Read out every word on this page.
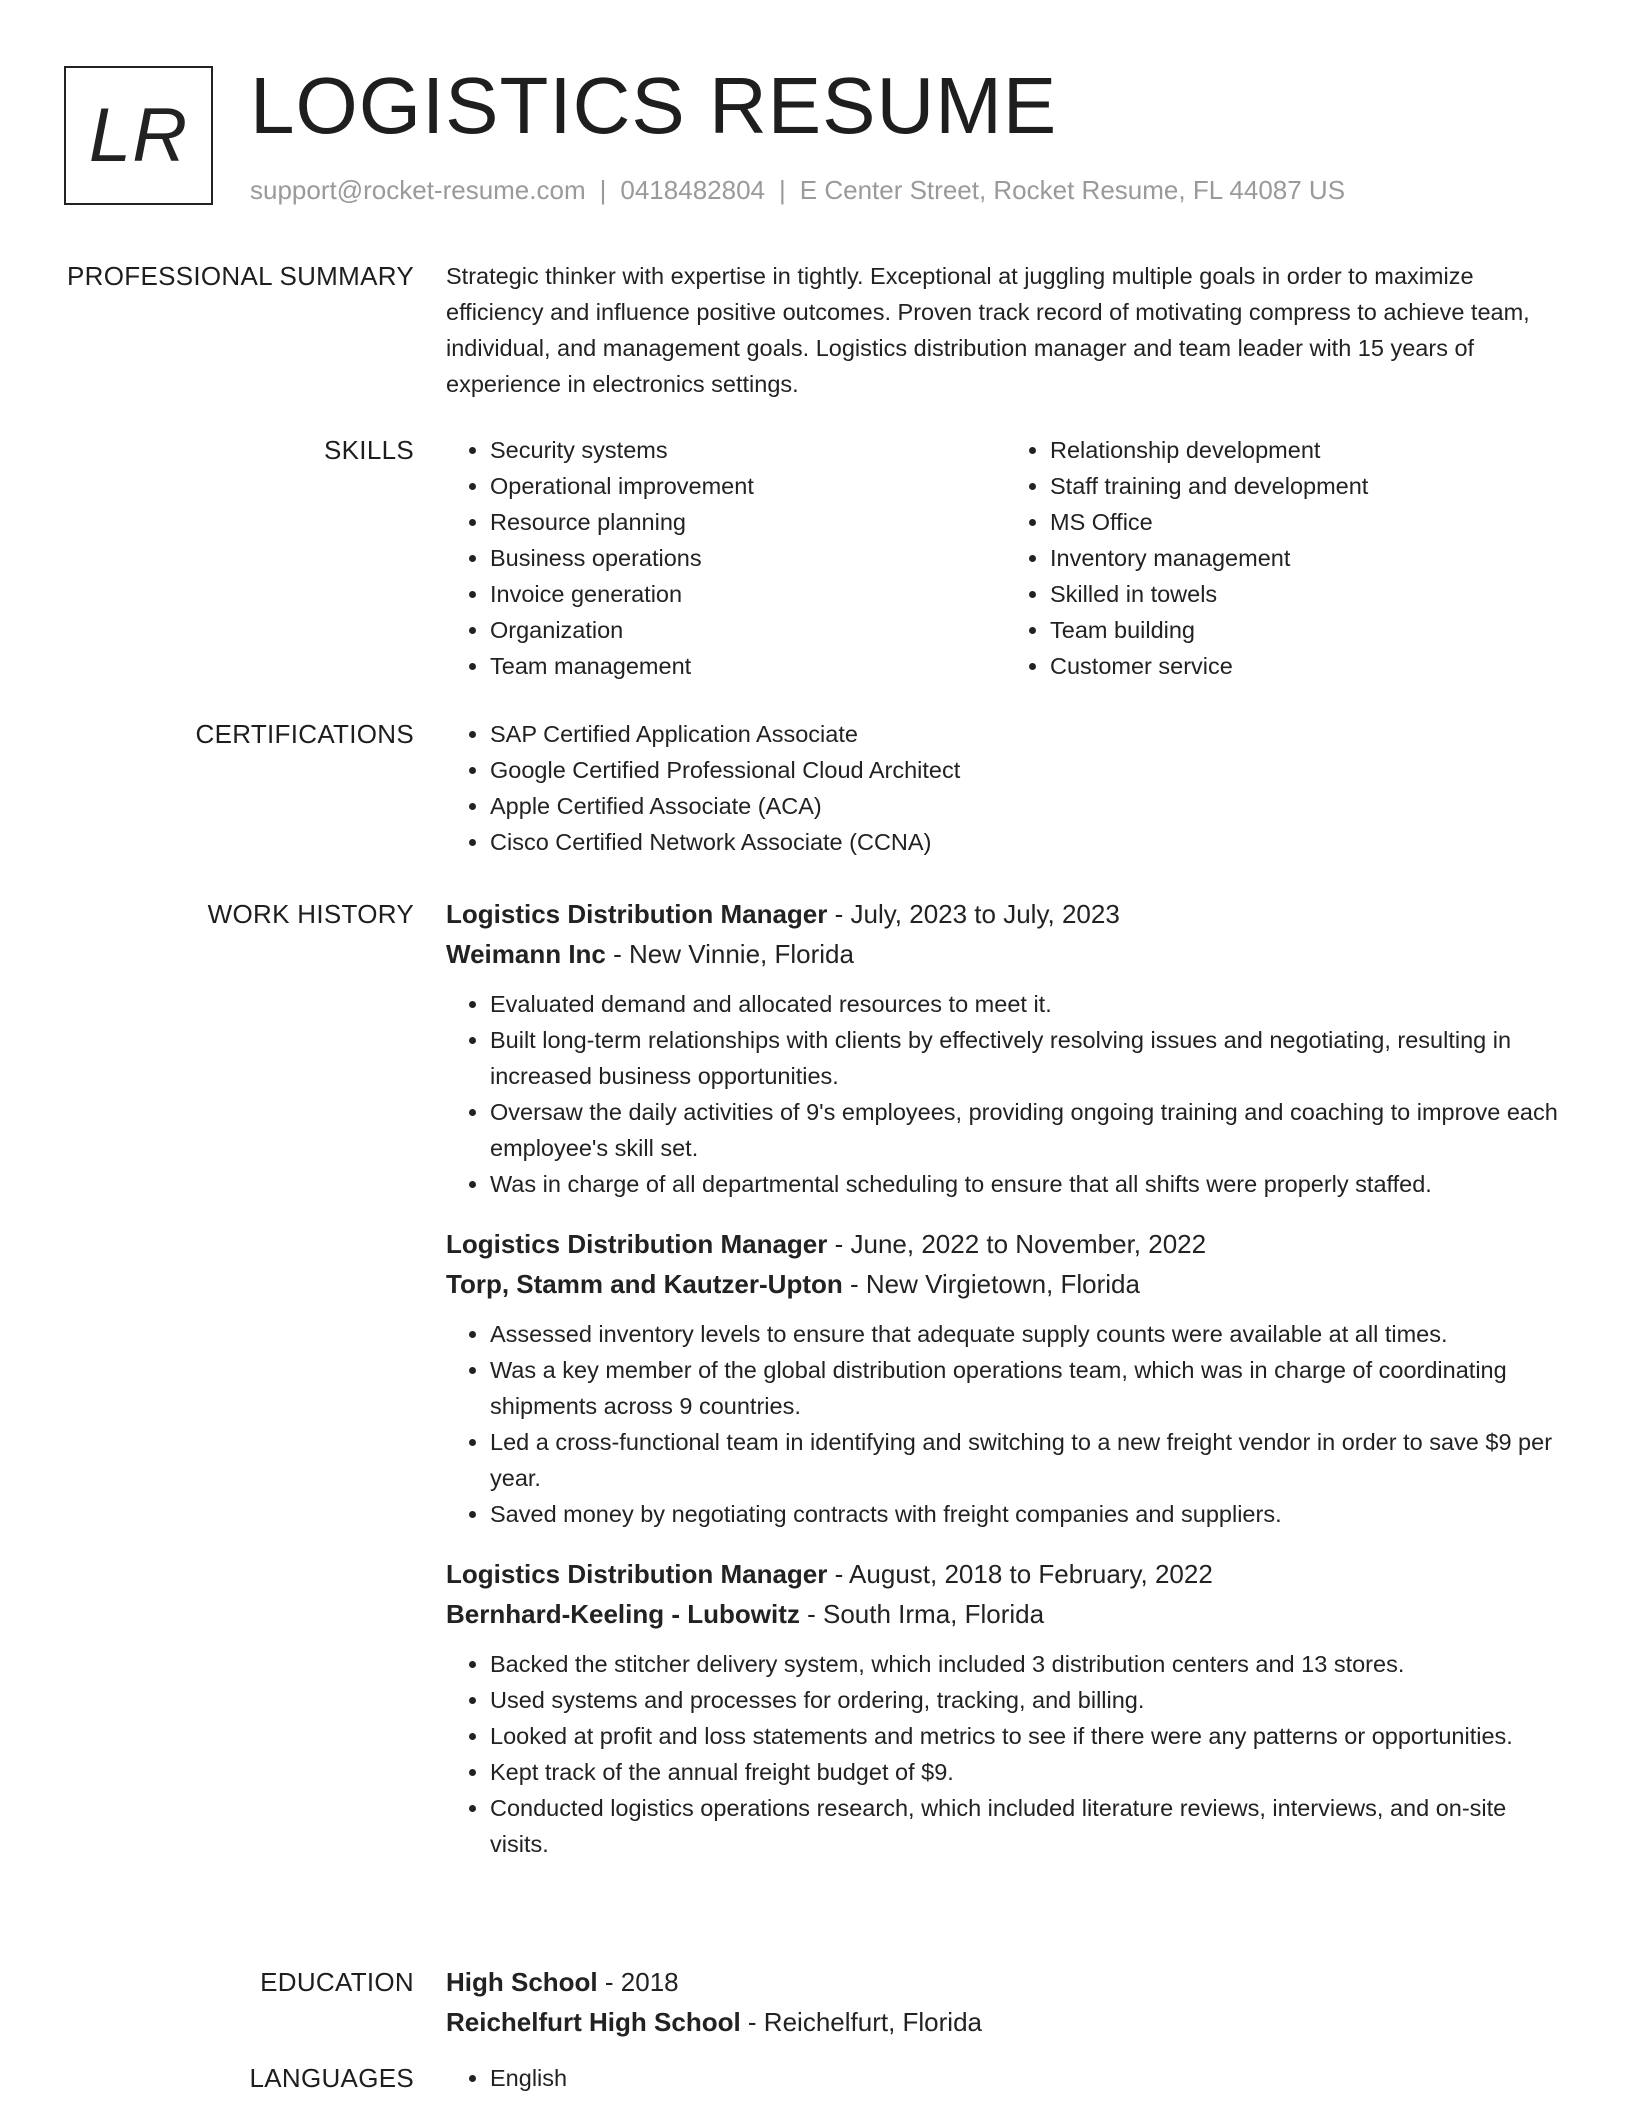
LR LOGISTICS RESUME
support@rocket-resume.com | 0418482804 | E Center Street, Rocket Resume, FL 44087 US
PROFESSIONAL SUMMARY Strategic thinker with expertise in tightly. Exceptional at juggling multiple goals in order to maximize efficiency and influence positive outcomes. Proven track record of motivating compress to achieve team, individual, and management goals. Logistics distribution manager and team leader with 15 years of experience in electronics settings.
SKILLS	• Security systems
• Operational improvement
• Resource planning
• Business operations
• Invoice generation
• Organization
• Team management
• Relationship development
• Staff training and development
• MS Office
• Inventory management
• Skilled in towels
• Team building
• Customer service
CERTIFICATIONS	• SAP Certified Application Associate
• Google Certified Professional Cloud Architect
• Apple Certified Associate (ACA)
• Cisco Certified Network Associate (CCNA)
WORK HISTORY Logistics Distribution Manager - July, 2023 to July, 2023
Weimann Inc - New Vinnie, Florida
• Evaluated demand and allocated resources to meet it.
• Built long-term relationships with clients by effectively resolving issues and negotiating, resulting in increased business opportunities.
• Oversaw the daily activities of 9's employees, providing ongoing training and coaching to improve each employee's skill set.
• Was in charge of all departmental scheduling to ensure that all shifts were properly staffed.
Logistics Distribution Manager - June, 2022 to November, 2022
Torp, Stamm and Kautzer-Upton - New Virgietown, Florida
• Assessed inventory levels to ensure that adequate supply counts were available at all times.
• Was a key member of the global distribution operations team, which was in charge of coordinating shipments across 9 countries.
• Led a cross-functional team in identifying and switching to a new freight vendor in order to save $9 per year.
• Saved money by negotiating contracts with freight companies and suppliers.
Logistics Distribution Manager - August, 2018 to February, 2022
Bernhard-Keeling - Lubowitz - South Irma, Florida
• Backed the stitcher delivery system, which included 3 distribution centers and 13 stores.
• Used systems and processes for ordering, tracking, and billing.
• Looked at profit and loss statements and metrics to see if there were any patterns or opportunities.
• Kept track of the annual freight budget of $9.
• Conducted logistics operations research, which included literature reviews, interviews, and on-site visits.
EDUCATION High School - 2018
Reichelfurt High School - Reichelfurt, Florida
LANGUAGES	• English
